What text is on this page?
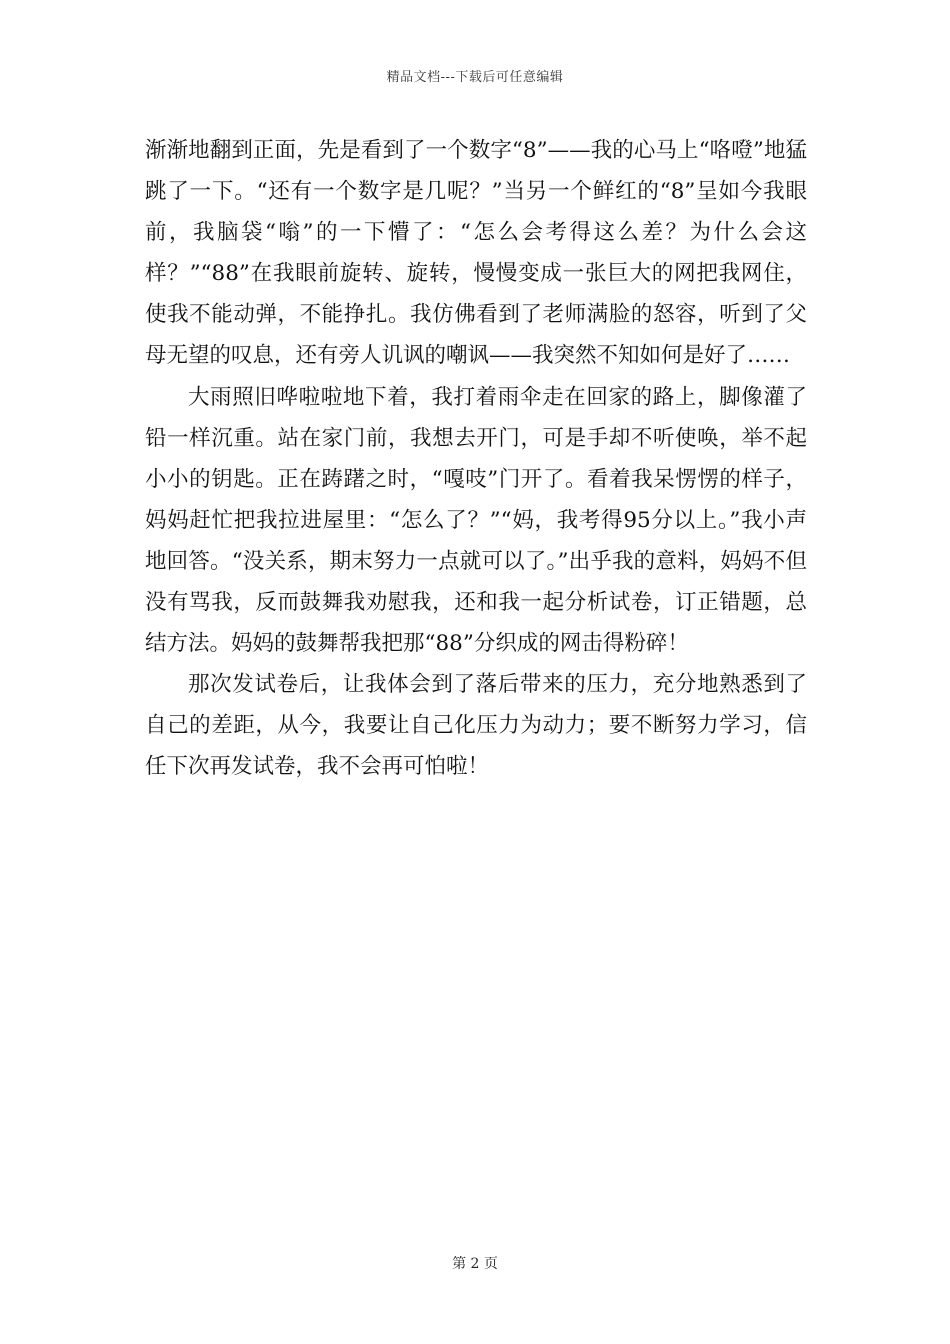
精品文档---下载后可任意编辑

渐渐地翻到正面，先是看到了一个数字“8”——我的心马上“咯噔”地猛跳了一下。“还有一个数字是几呢？”当另一个鲜红的“8”呈如今我眼前，我脑袋“嗡”的一下懵了：“怎么会考得这么差？为什么会这样？”“88”在我眼前旋转、旋转，慢慢变成一张巨大的网把我网住，使我不能动弹，不能挣扎。我仿佛看到了老师满脸的怒容，听到了父母无望的叹息，还有旁人讥讽的嘲讽——我突然不知如何是好了……

大雨照旧哗啦啦地下着，我打着雨伞走在回家的路上，脚像灌了铅一样沉重。站在家门前，我想去开门，可是手却不听使唤，举不起小小的钥匙。正在踌躇之时，“嘎吱”门开了。看着我呆愣愣的样子，妈妈赶忙把我拉进屋里：“怎么了？”“妈，我考得95分以上。”我小声地回答。“没关系，期末努力一点就可以了。”出乎我的意料，妈妈不但没有骂我，反而鼓舞我劝慰我，还和我一起分析试卷，订正错题，总结方法。妈妈的鼓舞帮我把那“88”分织成的网击得粉碎！

那次发试卷后，让我体会到了落后带来的压力，充分地熟悉到了自己的差距，从今，我要让自己化压力为动力；要不断努力学习，信任下次再发试卷，我不会再可怕啦！

第 2 页
